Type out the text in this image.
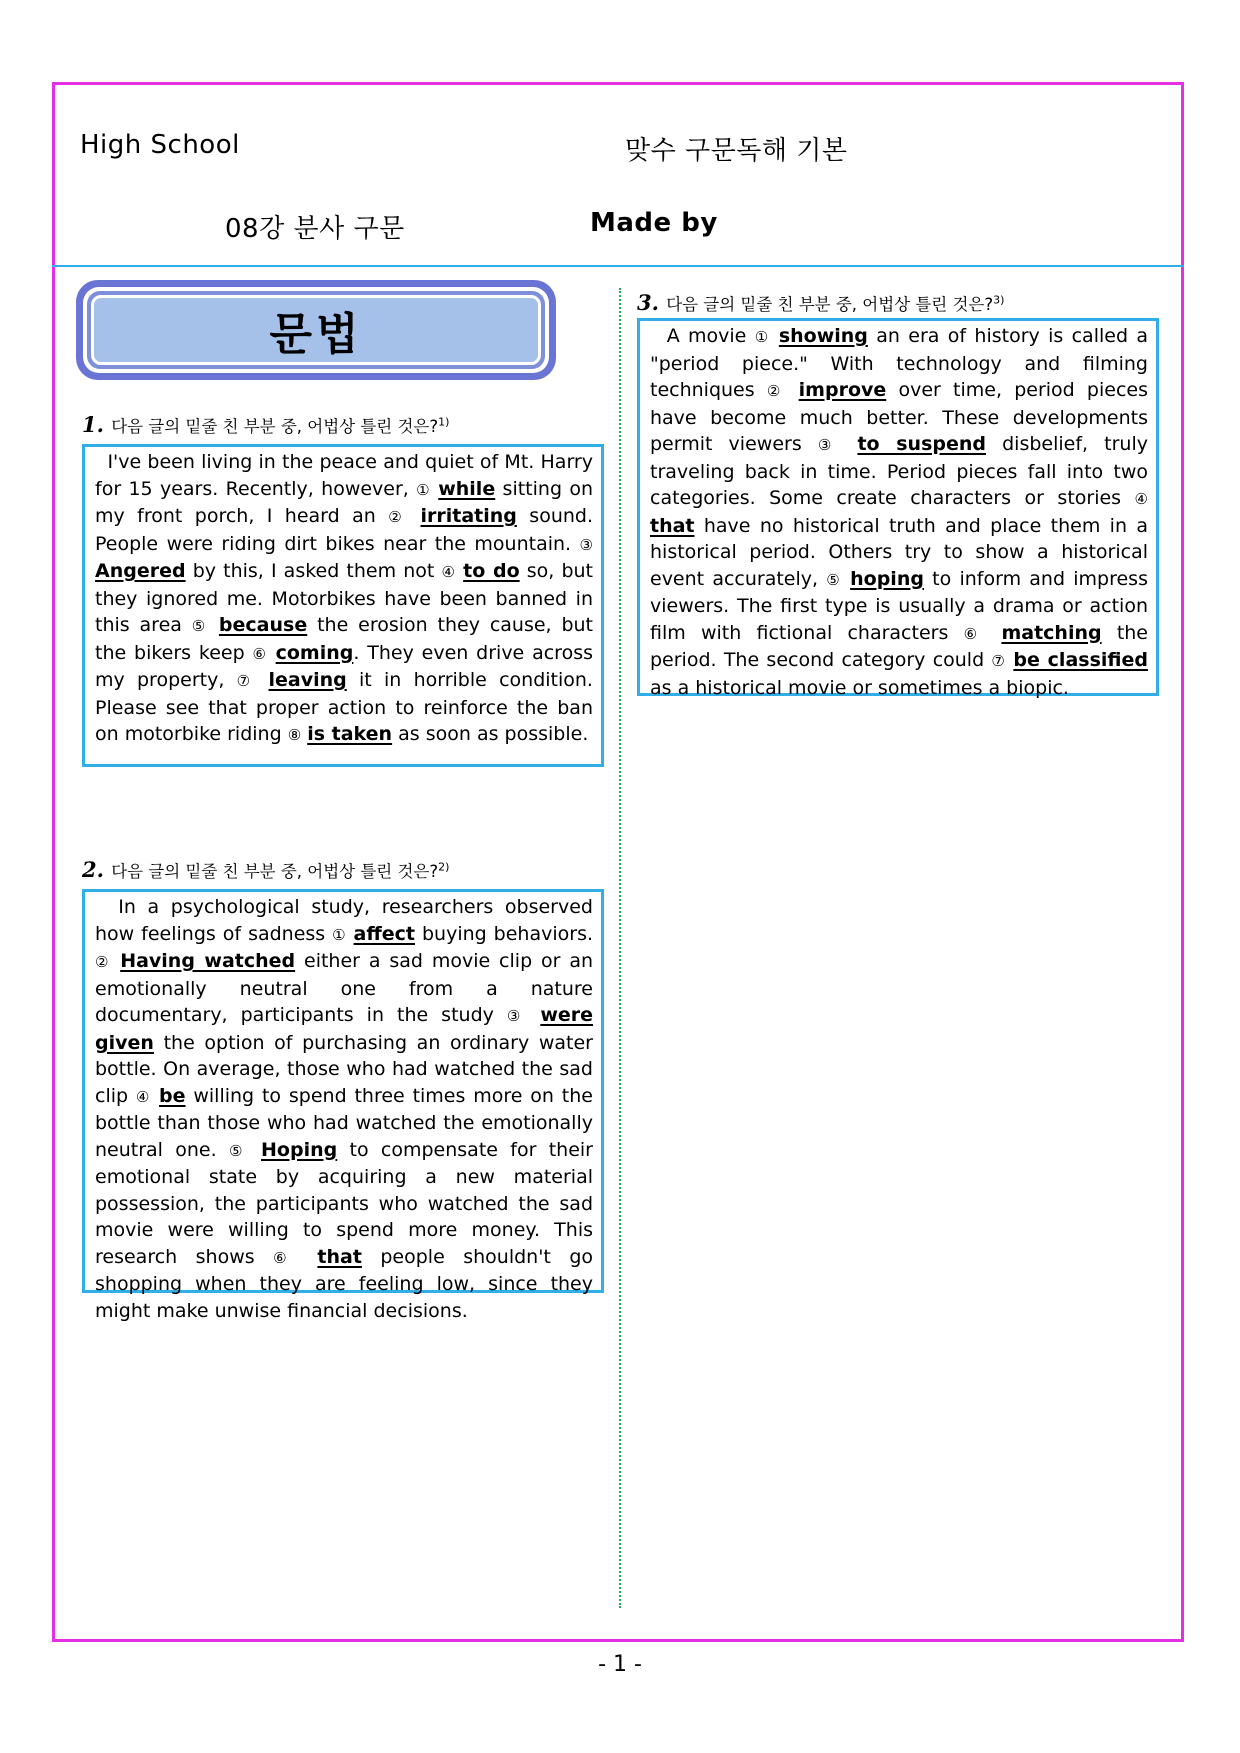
High School	맞수 구문독해 기본
08강 분사 구문	Made by
문법
1. 다음 글의 밑줄 친 부분 중, 어법상 틀린 것은?$^{1)}$
I've been living in the peace and quiet of Mt. Harry for 15 years. Recently, however, ① while sitting on my front porch, I heard an ② irritating sound. People were riding dirt bikes near the mountain. ③ Angered by this, I asked them not ④ to do so, but they ignored me. Motorbikes have been banned in this area ⑤ because the erosion they cause, but the bikers keep ⑥ coming. They even drive across my property, ⑦ leaving it in horrible condition. Please see that proper action to reinforce the ban on motorbike riding ⑧ is taken as soon as possible.
2. 다음 글의 밑줄 친 부분 중, 어법상 틀린 것은?$^{2)}$
In a psychological study, researchers observed how feelings of sadness ① affect buying behaviors. ② Having watched either a sad movie clip or an emotionally neutral one from a nature documentary, participants in the study ③ were given the option of purchasing an ordinary water bottle. On average, those who had watched the sad clip ④ be willing to spend three times more on the bottle than those who had watched the emotionally neutral one. ⑤ Hoping to compensate for their emotional state by acquiring a new material possession, the participants who watched the sad movie were willing to spend more money. This research shows ⑥ that people shouldn't go shopping when they are feeling low, since they might make unwise financial decisions.
3. 다음 글의 밑줄 친 부분 중, 어법상 틀린 것은?$^{3)}$
A movie ① showing an era of history is called a "period piece." With technology and filming techniques ② improve over time, period pieces have become much better. These developments permit viewers ③ to suspend disbelief, truly traveling back in time. Period pieces fall into two categories. Some create characters or stories ④ that have no historical truth and place them in a historical period. Others try to show a historical event accurately, ⑤ hoping to inform and impress viewers. The first type is usually a drama or action film with fictional characters ⑥ matching the period. The second category could ⑦ be classified as a historical movie or sometimes a biopic.
- 1 -
